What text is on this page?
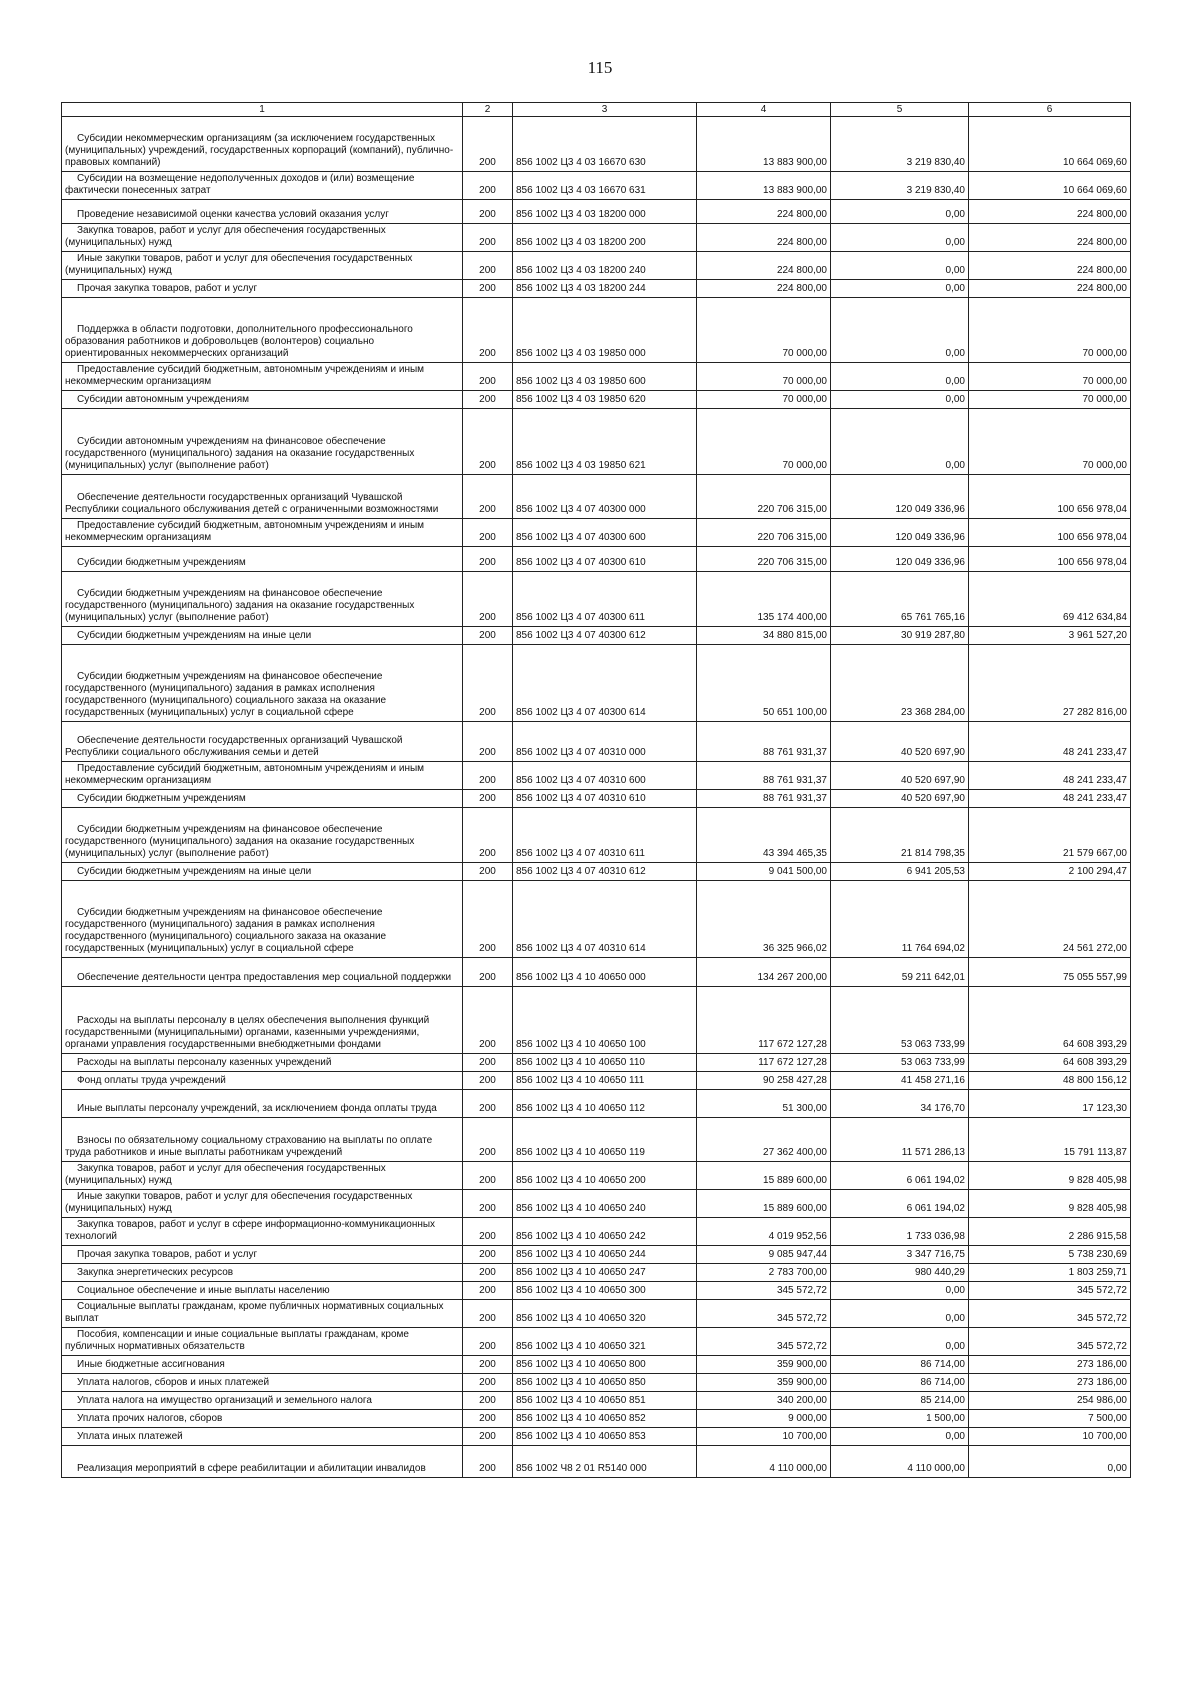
115
1	2	3	4	5	6
Субсидии некоммерческим организациям (за исключением государственных (муниципальных) учреждений, государственных корпораций (компаний), публично-правовых компаний)	200	856 1002 Ц3 4 03 16670 630	13 883 900,00	3 219 830,40	10 664 069,60
Субсидии на возмещение недополученных доходов и (или) возмещение фактически понесенных затрат	200	856 1002 Ц3 4 03 16670 631	13 883 900,00	3 219 830,40	10 664 069,60
Проведение независимой оценки качества условий оказания услуг	200	856 1002 Ц3 4 03 18200 000	224 800,00	0,00	224 800,00
Закупка товаров, работ и услуг для обеспечения государственных (муниципальных) нужд	200	856 1002 Ц3 4 03 18200 200	224 800,00	0,00	224 800,00
Иные закупки товаров, работ и услуг для обеспечения государственных (муниципальных) нужд	200	856 1002 Ц3 4 03 18200 240	224 800,00	0,00	224 800,00
Прочая закупка товаров, работ и услуг	200	856 1002 Ц3 4 03 18200 244	224 800,00	0,00	224 800,00
Поддержка в области подготовки, дополнительного профессионального образования работников и добровольцев (волонтеров) социально ориентированных некоммерческих организаций	200	856 1002 Ц3 4 03 19850 000	70 000,00	0,00	70 000,00
Предоставление субсидий бюджетным, автономным учреждениям и иным некоммерческим организациям	200	856 1002 Ц3 4 03 19850 600	70 000,00	0,00	70 000,00
Субсидии автономным учреждениям	200	856 1002 Ц3 4 03 19850 620	70 000,00	0,00	70 000,00
Субсидии автономным учреждениям на финансовое обеспечение государственного (муниципального) задания на оказание государственных (муниципальных) услуг (выполнение работ)	200	856 1002 Ц3 4 03 19850 621	70 000,00	0,00	70 000,00
Обеспечение деятельности государственных организаций Чувашской Республики социального обслуживания детей с ограниченными возможностями	200	856 1002 Ц3 4 07 40300 000	220 706 315,00	120 049 336,96	100 656 978,04
Предоставление субсидий бюджетным, автономным учреждениям и иным некоммерческим организациям	200	856 1002 Ц3 4 07 40300 600	220 706 315,00	120 049 336,96	100 656 978,04
Субсидии бюджетным учреждениям	200	856 1002 Ц3 4 07 40300 610	220 706 315,00	120 049 336,96	100 656 978,04
Субсидии бюджетным учреждениям на финансовое обеспечение государственного (муниципального) задания на оказание государственных (муниципальных) услуг (выполнение работ)	200	856 1002 Ц3 4 07 40300 611	135 174 400,00	65 761 765,16	69 412 634,84
Субсидии бюджетным учреждениям на иные цели	200	856 1002 Ц3 4 07 40300 612	34 880 815,00	30 919 287,80	3 961 527,20
Субсидии бюджетным учреждениям на финансовое обеспечение государственного (муниципального) задания в рамках исполнения государственного (муниципального) социального заказа на оказание государственных (муниципальных) услуг в социальной сфере	200	856 1002 Ц3 4 07 40300 614	50 651 100,00	23 368 284,00	27 282 816,00
Обеспечение деятельности государственных организаций Чувашской Республики социального обслуживания семьи и детей	200	856 1002 Ц3 4 07 40310 000	88 761 931,37	40 520 697,90	48 241 233,47
Предоставление субсидий бюджетным, автономным учреждениям и иным некоммерческим организациям	200	856 1002 Ц3 4 07 40310 600	88 761 931,37	40 520 697,90	48 241 233,47
Субсидии бюджетным учреждениям	200	856 1002 Ц3 4 07 40310 610	88 761 931,37	40 520 697,90	48 241 233,47
Субсидии бюджетным учреждениям на финансовое обеспечение государственного (муниципального) задания на оказание государственных (муниципальных) услуг (выполнение работ)	200	856 1002 Ц3 4 07 40310 611	43 394 465,35	21 814 798,35	21 579 667,00
Субсидии бюджетным учреждениям на иные цели	200	856 1002 Ц3 4 07 40310 612	9 041 500,00	6 941 205,53	2 100 294,47
Субсидии бюджетным учреждениям на финансовое обеспечение государственного (муниципального) задания в рамках исполнения государственного (муниципального) социального заказа на оказание государственных (муниципальных) услуг в социальной сфере	200	856 1002 Ц3 4 07 40310 614	36 325 966,02	11 764 694,02	24 561 272,00
Обеспечение деятельности центра предоставления мер социальной поддержки	200	856 1002 Ц3 4 10 40650 000	134 267 200,00	59 211 642,01	75 055 557,99
Расходы на выплаты персоналу в целях обеспечения выполнения функций государственными (муниципальными) органами, казенными учреждениями, органами управления государственными внебюджетными фондами	200	856 1002 Ц3 4 10 40650 100	117 672 127,28	53 063 733,99	64 608 393,29
Расходы на выплаты персоналу казенных учреждений	200	856 1002 Ц3 4 10 40650 110	117 672 127,28	53 063 733,99	64 608 393,29
Фонд оплаты труда учреждений	200	856 1002 Ц3 4 10 40650 111	90 258 427,28	41 458 271,16	48 800 156,12
Иные выплаты персоналу учреждений, за исключением фонда оплаты труда	200	856 1002 Ц3 4 10 40650 112	51 300,00	34 176,70	17 123,30
Взносы по обязательному социальному страхованию на выплаты по оплате труда работников и иные выплаты работникам учреждений	200	856 1002 Ц3 4 10 40650 119	27 362 400,00	11 571 286,13	15 791 113,87
Закупка товаров, работ и услуг для обеспечения государственных (муниципальных) нужд	200	856 1002 Ц3 4 10 40650 200	15 889 600,00	6 061 194,02	9 828 405,98
Иные закупки товаров, работ и услуг для обеспечения государственных (муниципальных) нужд	200	856 1002 Ц3 4 10 40650 240	15 889 600,00	6 061 194,02	9 828 405,98
Закупка товаров, работ и услуг в сфере информационно-коммуникационных технологий	200	856 1002 Ц3 4 10 40650 242	4 019 952,56	1 733 036,98	2 286 915,58
Прочая закупка товаров, работ и услуг	200	856 1002 Ц3 4 10 40650 244	9 085 947,44	3 347 716,75	5 738 230,69
Закупка энергетических ресурсов	200	856 1002 Ц3 4 10 40650 247	2 783 700,00	980 440,29	1 803 259,71
Социальное обеспечение и иные выплаты населению	200	856 1002 Ц3 4 10 40650 300	345 572,72	0,00	345 572,72
Социальные выплаты гражданам, кроме публичных нормативных социальных выплат	200	856 1002 Ц3 4 10 40650 320	345 572,72	0,00	345 572,72
Пособия, компенсации и иные социальные выплаты гражданам, кроме публичных нормативных обязательств	200	856 1002 Ц3 4 10 40650 321	345 572,72	0,00	345 572,72
Иные бюджетные ассигнования	200	856 1002 Ц3 4 10 40650 800	359 900,00	86 714,00	273 186,00
Уплата налогов, сборов и иных платежей	200	856 1002 Ц3 4 10 40650 850	359 900,00	86 714,00	273 186,00
Уплата налога на имущество организаций и земельного налога	200	856 1002 Ц3 4 10 40650 851	340 200,00	85 214,00	254 986,00
Уплата прочих налогов, сборов	200	856 1002 Ц3 4 10 40650 852	9 000,00	1 500,00	7 500,00
Уплата иных платежей	200	856 1002 Ц3 4 10 40650 853	10 700,00	0,00	10 700,00
Реализация мероприятий в сфере реабилитации и абилитации инвалидов	200	856 1002 Ч8 2 01 R5140 000	4 110 000,00	4 110 000,00	0,00
